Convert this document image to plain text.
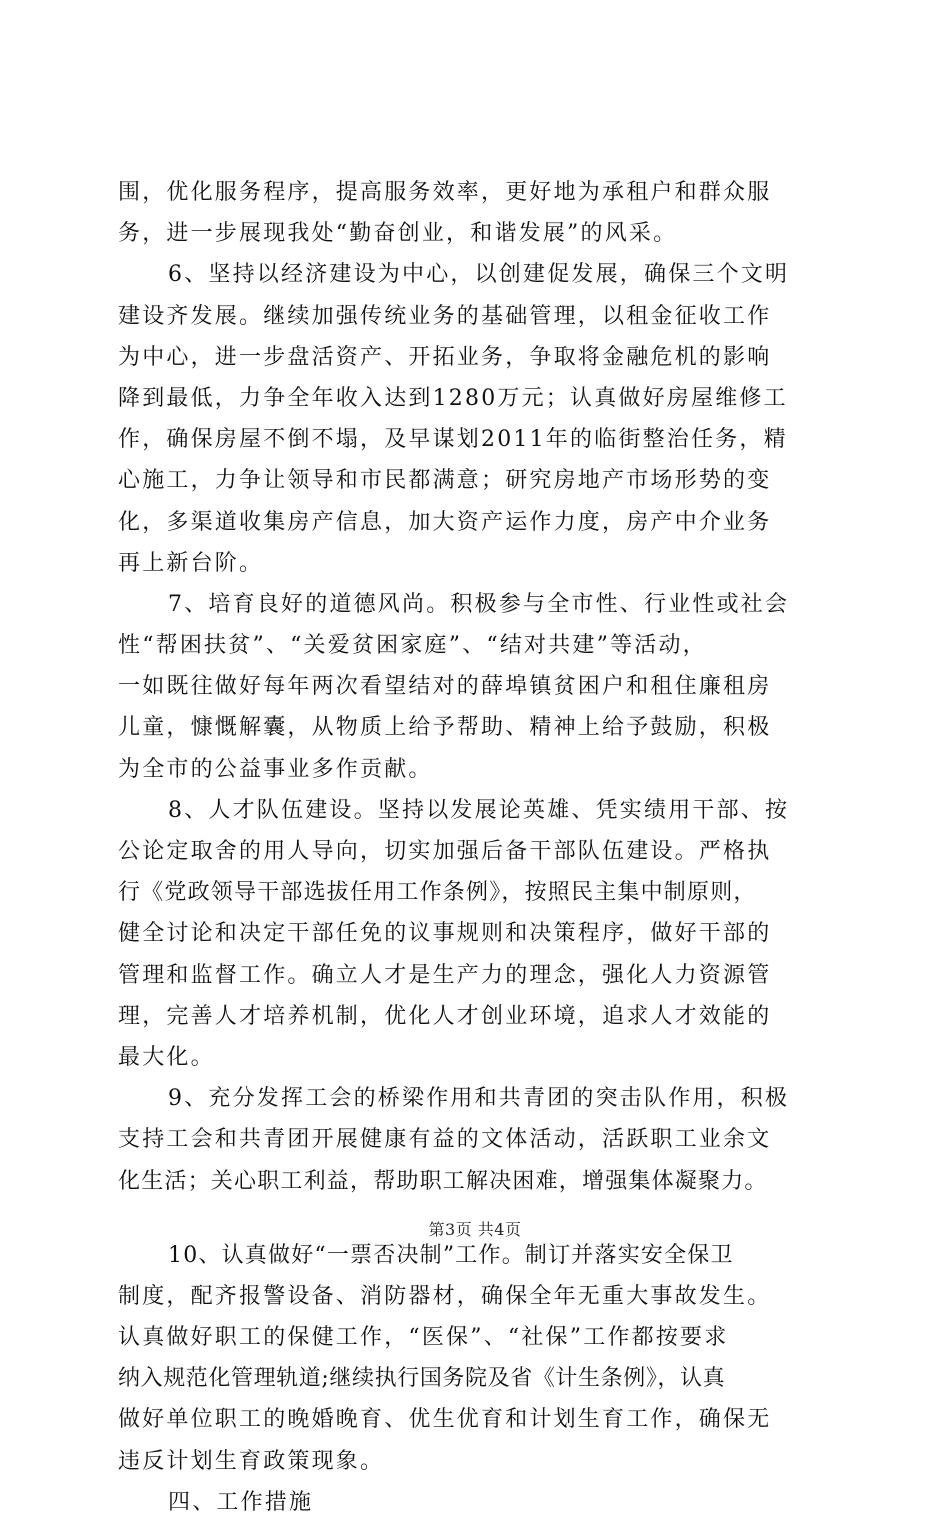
围，优化服务程序，提高服务效率，更好地为承租户和群众服
务，进一步展现我处“勤奋创业，和谐发展”的风采。
6、坚持以经济建设为中心，以创建促发展，确保三个文明
建设齐发展。继续加强传统业务的基础管理，以租金征收工作
为中心，进一步盘活资产、开拓业务，争取将金融危机的影响
降到最低，力争全年收入达到1280万元；认真做好房屋维修工
作，确保房屋不倒不塌，及早谋划2011年的临街整治任务，精
心施工，力争让领导和市民都满意；研究房地产市场形势的变
化，多渠道收集房产信息，加大资产运作力度，房产中介业务
再上新台阶。
7、培育良好的道德风尚。积极参与全市性、行业性或社会
性“帮困扶贫”、“关爱贫困家庭”、“结对共建”等活动，
一如既往做好每年两次看望结对的薛埠镇贫困户和租住廉租房
儿童，慷慨解囊，从物质上给予帮助、精神上给予鼓励，积极
为全市的公益事业多作贡献。
8、人才队伍建设。坚持以发展论英雄、凭实绩用干部、按
公论定取舍的用人导向，切实加强后备干部队伍建设。严格执
行《党政领导干部选拔任用工作条例》，按照民主集中制原则，
健全讨论和决定干部任免的议事规则和决策程序，做好干部的
管理和监督工作。确立人才是生产力的理念，强化人力资源管
理，完善人才培养机制，优化人才创业环境，追求人才效能的
最大化。
9、充分发挥工会的桥梁作用和共青团的突击队作用，积极
支持工会和共青团开展健康有益的文体活动，活跃职工业余文
化生活；关心职工利益，帮助职工解决困难，增强集体凝聚力。
10、认真做好“一票否决制”工作。制订并落实安全保卫
制度，配齐报警设备、消防器材，确保全年无重大事故发生。
认真做好职工的保健工作，“医保”、“社保”工作都按要求
纳入规范化管理轨道;继续执行国务院及省《计生条例》，认真
做好单位职工的晚婚晚育、优生优育和计划生育工作，确保无
违反计划生育政策现象。
四、工作措施
第3页 共4页
